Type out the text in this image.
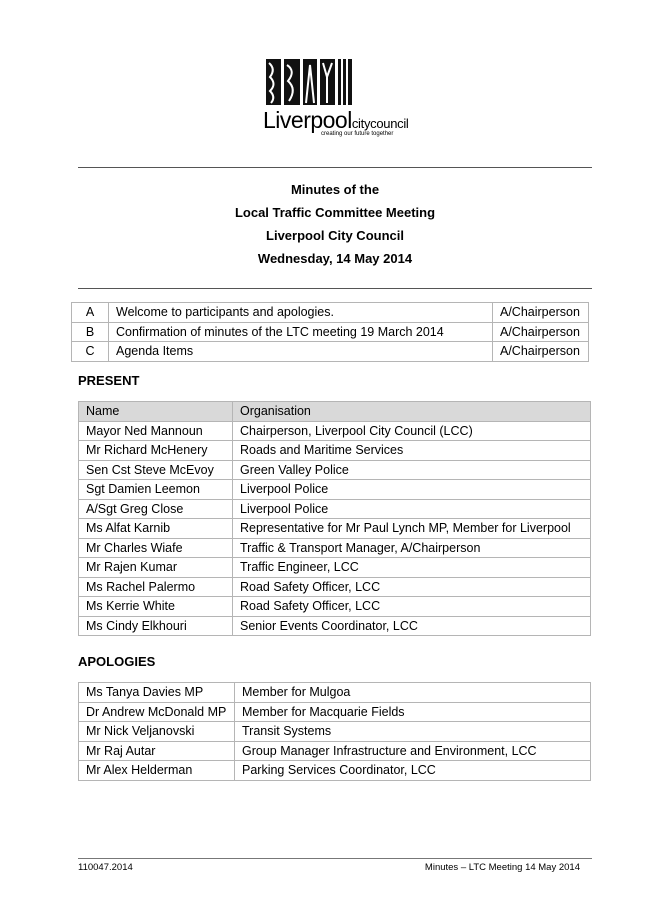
Liverpoolcitycouncil
creating our future together
Minutes of the
Local Traffic Committee Meeting
Liverpool City Council
Wednesday, 14 May 2014
A	Welcome to participants and apologies.	A/Chairperson
B	Confirmation of minutes of the LTC meeting 19 March 2014	A/Chairperson
C	Agenda Items	A/Chairperson
PRESENT
Name	Organisation
Mayor Ned Mannoun	Chairperson, Liverpool City Council (LCC)
Mr Richard McHenery	Roads and Maritime Services
Sen Cst Steve McEvoy	Green Valley Police
Sgt Damien Leemon	Liverpool Police
A/Sgt Greg Close	Liverpool Police
Ms Alfat Karnib	Representative for Mr Paul Lynch MP, Member for Liverpool
Mr Charles Wiafe	Traffic & Transport Manager, A/Chairperson
Mr Rajen Kumar	Traffic Engineer, LCC
Ms Rachel Palermo	Road Safety Officer, LCC
Ms Kerrie White	Road Safety Officer, LCC
Ms Cindy Elkhouri	Senior Events Coordinator, LCC
APOLOGIES
Ms Tanya Davies MP	Member for Mulgoa
Dr Andrew McDonald MP	Member for Macquarie Fields
Mr Nick Veljanovski	Transit Systems
Mr Raj Autar	Group Manager Infrastructure and Environment, LCC
Mr Alex Helderman	Parking Services Coordinator, LCC
110047.2014	Minutes – LTC Meeting 14 May 2014
